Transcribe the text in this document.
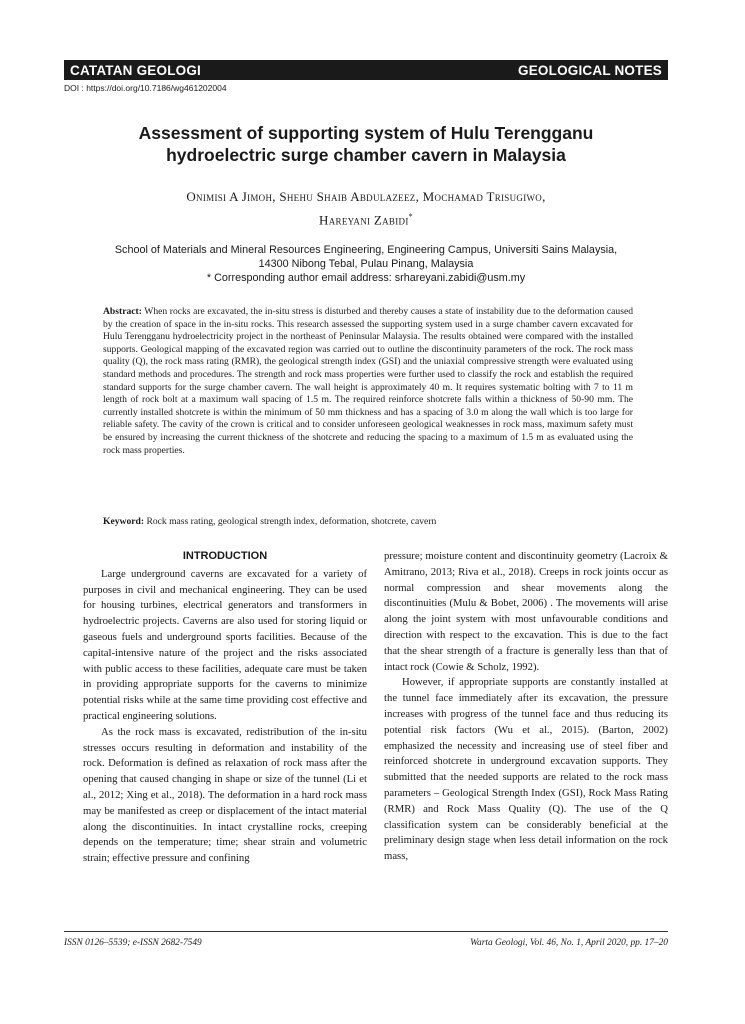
CATATAN GEOLOGI	GEOLOGICAL NOTES
DOI : https://doi.org/10.7186/wg461202004
Assessment of supporting system of Hulu Terengganu
hydroelectric surge chamber cavern in Malaysia
Onimisi A Jimoh, Shehu Shaib Abdulazeez, Mochamad Trisugiwo,
Hareyani Zabidi*
School of Materials and Mineral Resources Engineering, Engineering Campus, Universiti Sains Malaysia,
14300 Nibong Tebal, Pulau Pinang, Malaysia
* Corresponding author email address: srhareyani.zabidi@usm.my
Abstract: When rocks are excavated, the in-situ stress is disturbed and thereby causes a state of instability due to the deformation caused by the creation of space in the in-situ rocks. This research assessed the supporting system used in a surge chamber cavern excavated for Hulu Terengganu hydroelectricity project in the northeast of Peninsular Malaysia. The results obtained were compared with the installed supports. Geological mapping of the excavated region was carried out to outline the discontinuity parameters of the rock. The rock mass quality (Q), the rock mass rating (RMR), the geological strength index (GSI) and the uniaxial compressive strength were evaluated using standard methods and procedures. The strength and rock mass properties were further used to classify the rock and establish the required standard supports for the surge chamber cavern. The wall height is approximately 40 m. It requires systematic bolting with 7 to 11 m length of rock bolt at a maximum wall spacing of 1.5 m. The required reinforce shotcrete falls within a thickness of 50-90 mm. The currently installed shotcrete is within the minimum of 50 mm thickness and has a spacing of 3.0 m along the wall which is too large for reliable safety. The cavity of the crown is critical and to consider unforeseen geological weaknesses in rock mass, maximum safety must be ensured by increasing the current thickness of the shotcrete and reducing the spacing to a maximum of 1.5 m as evaluated using the rock mass properties.
Keyword: Rock mass rating, geological strength index, deformation, shotcrete, cavern
INTRODUCTION

Large underground caverns are excavated for a variety of purposes in civil and mechanical engineering. They can be used for housing turbines, electrical generators and transformers in hydroelectric projects. Caverns are also used for storing liquid or gaseous fuels and underground sports facilities. Because of the capital-intensive nature of the project and the risks associated with public access to these facilities, adequate care must be taken in providing appropriate supports for the caverns to minimize potential risks while at the same time providing cost effective and practical engineering solutions.

As the rock mass is excavated, redistribution of the in-situ stresses occurs resulting in deformation and instability of the rock. Deformation is defined as relaxation of rock mass after the opening that caused changing in shape or size of the tunnel (Li et al., 2012; Xing et al., 2018). The deformation in a hard rock mass may be manifested as creep or displacement of the intact material along the discontinuities. In intact crystalline rocks, creeping depends on the temperature; time; shear strain and volumetric strain; effective pressure and confining

pressure; moisture content and discontinuity geometry (Lacroix & Amitrano, 2013; Riva et al., 2018). Creeps in rock joints occur as normal compression and shear movements along the discontinuities (Mulu & Bobet, 2006) . The movements will arise along the joint system with most unfavourable conditions and direction with respect to the excavation. This is due to the fact that the shear strength of a fracture is generally less than that of intact rock (Cowie & Scholz, 1992).

However, if appropriate supports are constantly installed at the tunnel face immediately after its excavation, the pressure increases with progress of the tunnel face and thus reducing its potential risk factors (Wu et al., 2015). (Barton, 2002) emphasized the necessity and increasing use of steel fiber and reinforced shotcrete in underground excavation supports. They submitted that the needed supports are related to the rock mass parameters – Geological Strength Index (GSI), Rock Mass Rating (RMR) and Rock Mass Quality (Q). The use of the Q classification system can be considerably beneficial at the preliminary design stage when less detail information on the rock mass,

ISSN 0126–5539; e-ISSN 2682-7549	Warta Geologi, Vol. 46, No. 1, April 2020, pp. 17–20
